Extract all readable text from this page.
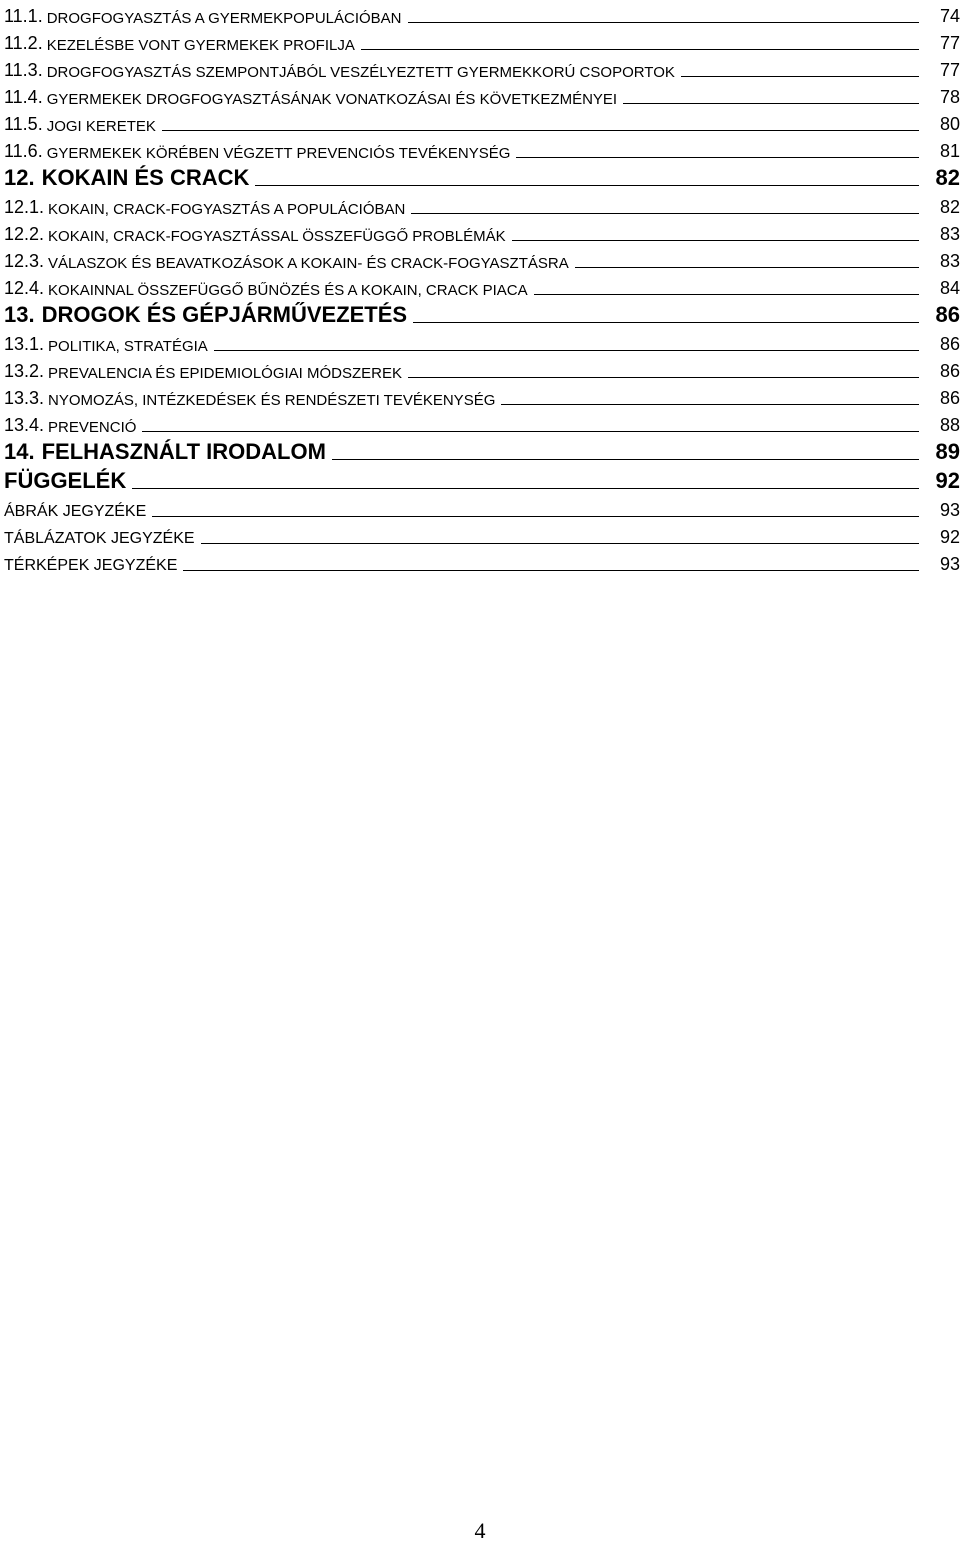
11.1. DROGFOGYASZTÁS A GYERMEKPOPULÁCIÓBAN	74
11.2. KEZELÉSBE VONT GYERMEKEK PROFILJA	77
11.3. DROGFOGYASZTÁS SZEMPONTJÁBÓL VESZÉLYEZTETT GYERMEKKORÚ CSOPORTOK	77
11.4. GYERMEKEK DROGFOGYASZTÁSÁNAK VONATKOZÁSAI ÉS KÖVETKEZMÉNYEI	78
11.5. JOGI KERETEK	80
11.6. GYERMEKEK KÖRÉBEN VÉGZETT PREVENCIÓS TEVÉKENYSÉG	81
12. KOKAIN ÉS CRACK	82
12.1. KOKAIN, CRACK-FOGYASZTÁS A POPULÁCIÓBAN	82
12.2. KOKAIN, CRACK-FOGYASZTÁSSAL ÖSSZEFÜGGŐ PROBLÉMÁK	83
12.3. VÁLASZOK ÉS BEAVATKOZÁSOK A KOKAIN- ÉS CRACK-FOGYASZTÁSRA	83
12.4. KOKAINNAL ÖSSZEFÜGGŐ BŰNÖZÉS ÉS A KOKAIN, CRACK PIACA	84
13. DROGOK ÉS GÉPJÁRMŰVEZETÉS	86
13.1. POLITIKA, STRATÉGIA	86
13.2. PREVALENCIA ÉS EPIDEMIOLÓGIAI MÓDSZEREK	86
13.3. NYOMOZÁS, INTÉZKEDÉSEK ÉS RENDÉSZETI TEVÉKENYSÉG	86
13.4. PREVENCIÓ	88
14. FELHASZNÁLT IRODALOM	89
FÜGGELÉK	92
ÁBRÁK JEGYZÉKE	93
TÁBLÁZATOK JEGYZÉKE	92
TÉRKÉPEK JEGYZÉKE	93
4
